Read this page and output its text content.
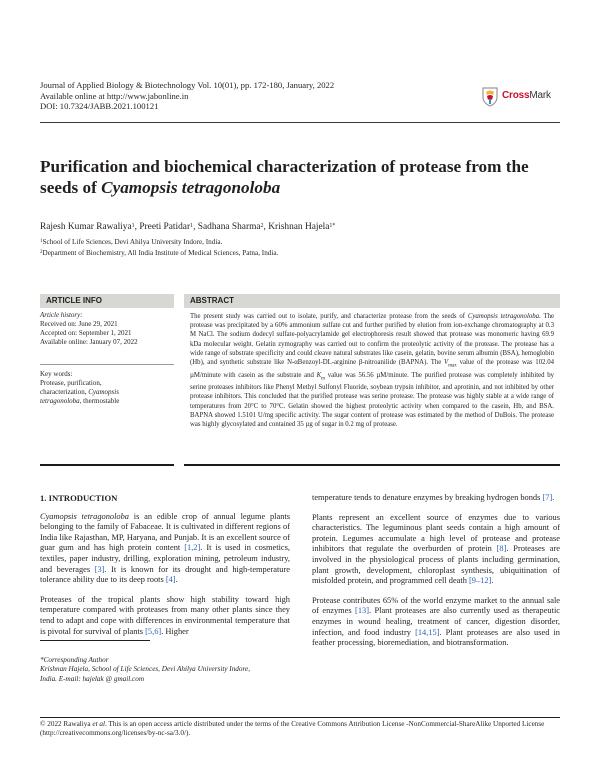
Journal of Applied Biology & Biotechnology Vol. 10(01), pp. 172-180, January, 2022
Available online at http://www.jabonline.in
DOI: 10.7324/JABB.2021.100121
CrossMark
Purification and biochemical characterization of protease from the
seeds of Cyamopsis tetragonoloba
Rajesh Kumar Rawaliya$^1$, Preeti Patidar$^1$, Sadhana Sharma$^2$, Krishnan Hajela$^{1*}$
$^1$School of Life Sciences, Devi Ahilya University Indore, India.
$^2$Department of Biochemistry, All India Institute of Medical Sciences, Patna, India.
ARTICLE INFO
Article history:
Received on: June 29, 2021
Accepted on: September 1, 2021
Available online: January 07, 2022
Key words:
Protease, purification,
characterization, Cyamopsis
tetragonoloba, thermostable
ABSTRACT

The present study was carried out to isolate, purify, and characterize protease from the seeds of Cyamopsis tetragonoloba. The protease was precipitated by a 60% ammonium sulfate cut and further purified by elution from ion-exchange chromatography at 0.3 M NaCl. The sodium dodecyl sulfate-polyacrylamide gel electrophoresis result showed that protease was monomeric having 69.9 kDa molecular weight. Gelatin zymography was carried out to confirm the proteolytic activity of the protease. The protease has a wide range of substrate specificity and could cleave natural substrates like casein, gelatin, bovine serum albumin (BSA), hemoglobin (Hb), and synthetic substrate like N-αBenzoyl-DL-arginine β-nitroanilide (BAPNA). The $V_{max}$ value of the protease was 102.04 µM/minute with casein as the substrate and $K_m$ value was 56.56 µM/minute. The purified protease was completely inhibited by serine proteases inhibitors like Phenyl Methyl Sulfonyl Fluoride, soybean trypsin inhibitor, and aprotinin, and not inhibited by other protease inhibitors. This concluded that the purified protease was serine protease. The protease was highly stable at a wide range of temperatures from 20°C to 70°C. Gelatin showed the highest proteolytic activity when compared to the casein, Hb, and BSA. BAPNA showed 1.5101 U/mg specific activity. The sugar content of protease was estimated by the method of DuBois. The protease was highly glycosylated and contained 35 µg of sugar in 0.2 mg of protease.

1. INTRODUCTION
Cyamopsis tetragonoloba is an edible crop of annual legume plants belonging to the family of Fabaceae. It is cultivated in different regions of India like Rajasthan, MP, Haryana, and Punjab. It is an excellent source of guar gum and has high protein content [1,2]. It is used in cosmetics, textiles, paper industry, drilling, exploration mining, petroleum industry, and beverages [3]. It is known for its drought and high-temperature tolerance ability due to its deep roots [4].
Proteases of the tropical plants show high stability toward high temperature compared with proteases from many other plants since they tend to adapt and cope with differences in environmental temperature that is pivotal for survival of plants [5,6]. Higher
temperature tends to denature enzymes by breaking hydrogen bonds [7].
Plants represent an excellent source of enzymes due to various characteristics. The leguminous plant seeds contain a high amount of protein. Legumes accumulate a high level of protease and protease inhibitors that regulate the overburden of protein [8]. Proteases are involved in the physiological process of plants including germination, plant growth, development, chloroplast synthesis, ubiquitination of misfolded protein, and programmed cell death [9–12].
Protease contributes 65% of the world enzyme market to the annual sale of enzymes [13]. Plant proteases are also currently used as therapeutic enzymes in wound healing, treatment of cancer, digestion disorder, infection, and food industry [14,15]. Plant proteases are also used in feather processing, bioremediation, and biotransformation.
*Corresponding Author
Krishnan Hajela, School of Life Sciences, Devi Ahilya University Indore,
India. E-mail: hajelak @ gmail.com
© 2022 Rawaliya et al. This is an open access article distributed under the terms of the Creative Commons Attribution License -NonCommercial-ShareAlike Unported License (http://creativecommons.org/licenses/by-nc-sa/3.0/).
